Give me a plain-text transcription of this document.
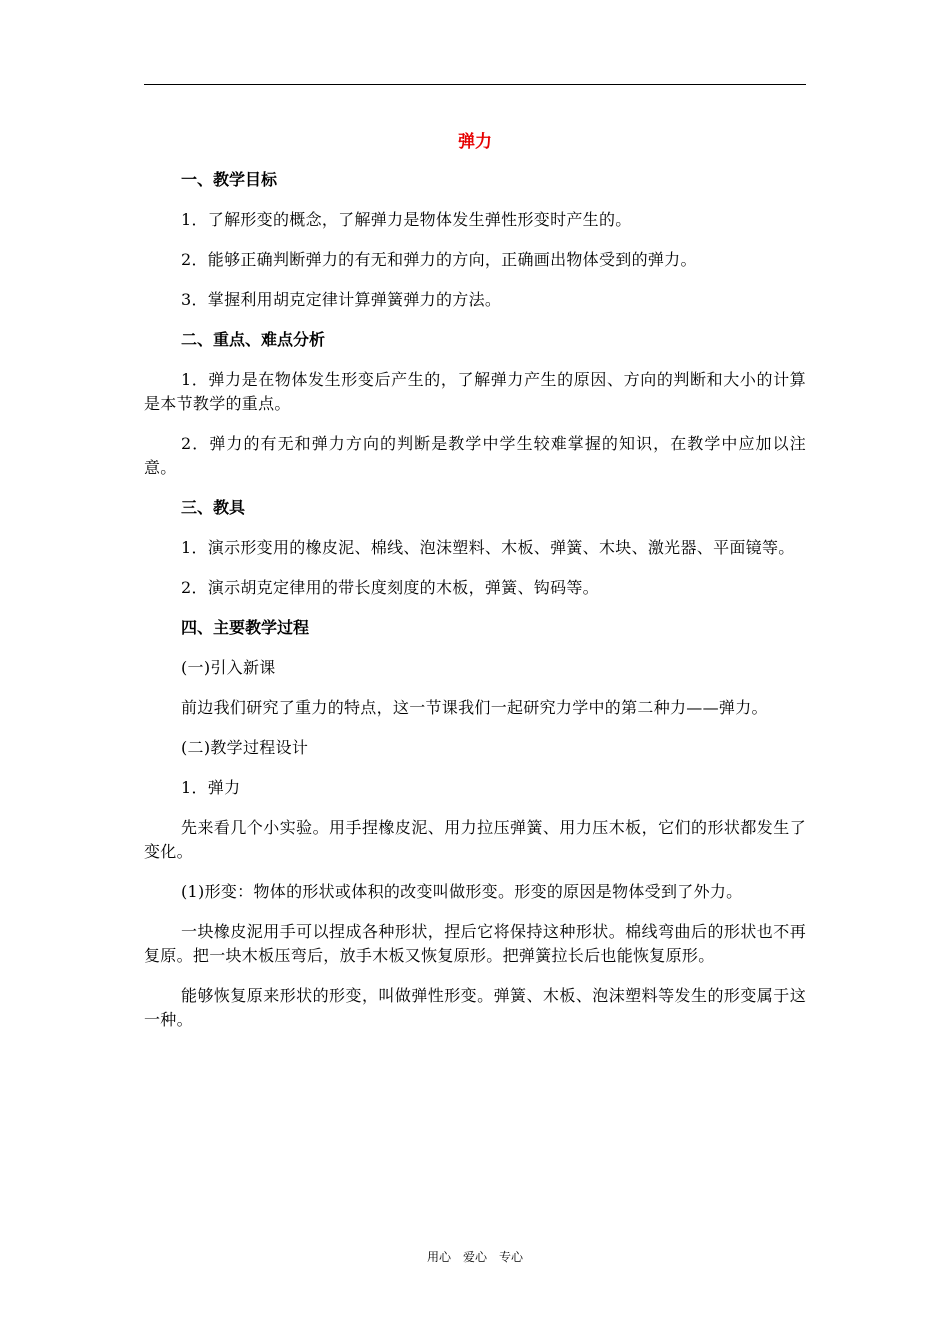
弹力
一、教学目标
1．了解形变的概念，了解弹力是物体发生弹性形变时产生的。
2．能够正确判断弹力的有无和弹力的方向，正确画出物体受到的弹力。
3．掌握利用胡克定律计算弹簧弹力的方法。
二、重点、难点分析
1．弹力是在物体发生形变后产生的，了解弹力产生的原因、方向的判断和大小的计算是本节教学的重点。
2．弹力的有无和弹力方向的判断是教学中学生较难掌握的知识，在教学中应加以注意。
三、教具
1．演示形变用的橡皮泥、棉线、泡沫塑料、木板、弹簧、木块、激光器、平面镜等。
2．演示胡克定律用的带长度刻度的木板，弹簧、钩码等。
四、主要教学过程
(一)引入新课
前边我们研究了重力的特点，这一节课我们一起研究力学中的第二种力——弹力。
(二)教学过程设计
1．弹力
先来看几个小实验。用手捏橡皮泥、用力拉压弹簧、用力压木板，它们的形状都发生了变化。
(1)形变：物体的形状或体积的改变叫做形变。形变的原因是物体受到了外力。
一块橡皮泥用手可以捏成各种形状，捏后它将保持这种形状。棉线弯曲后的形状也不再复原。把一块木板压弯后，放手木板又恢复原形。把弹簧拉长后也能恢复原形。
能够恢复原来形状的形变，叫做弹性形变。弹簧、木板、泡沫塑料等发生的形变属于这一种。
用心　爱心　专心
